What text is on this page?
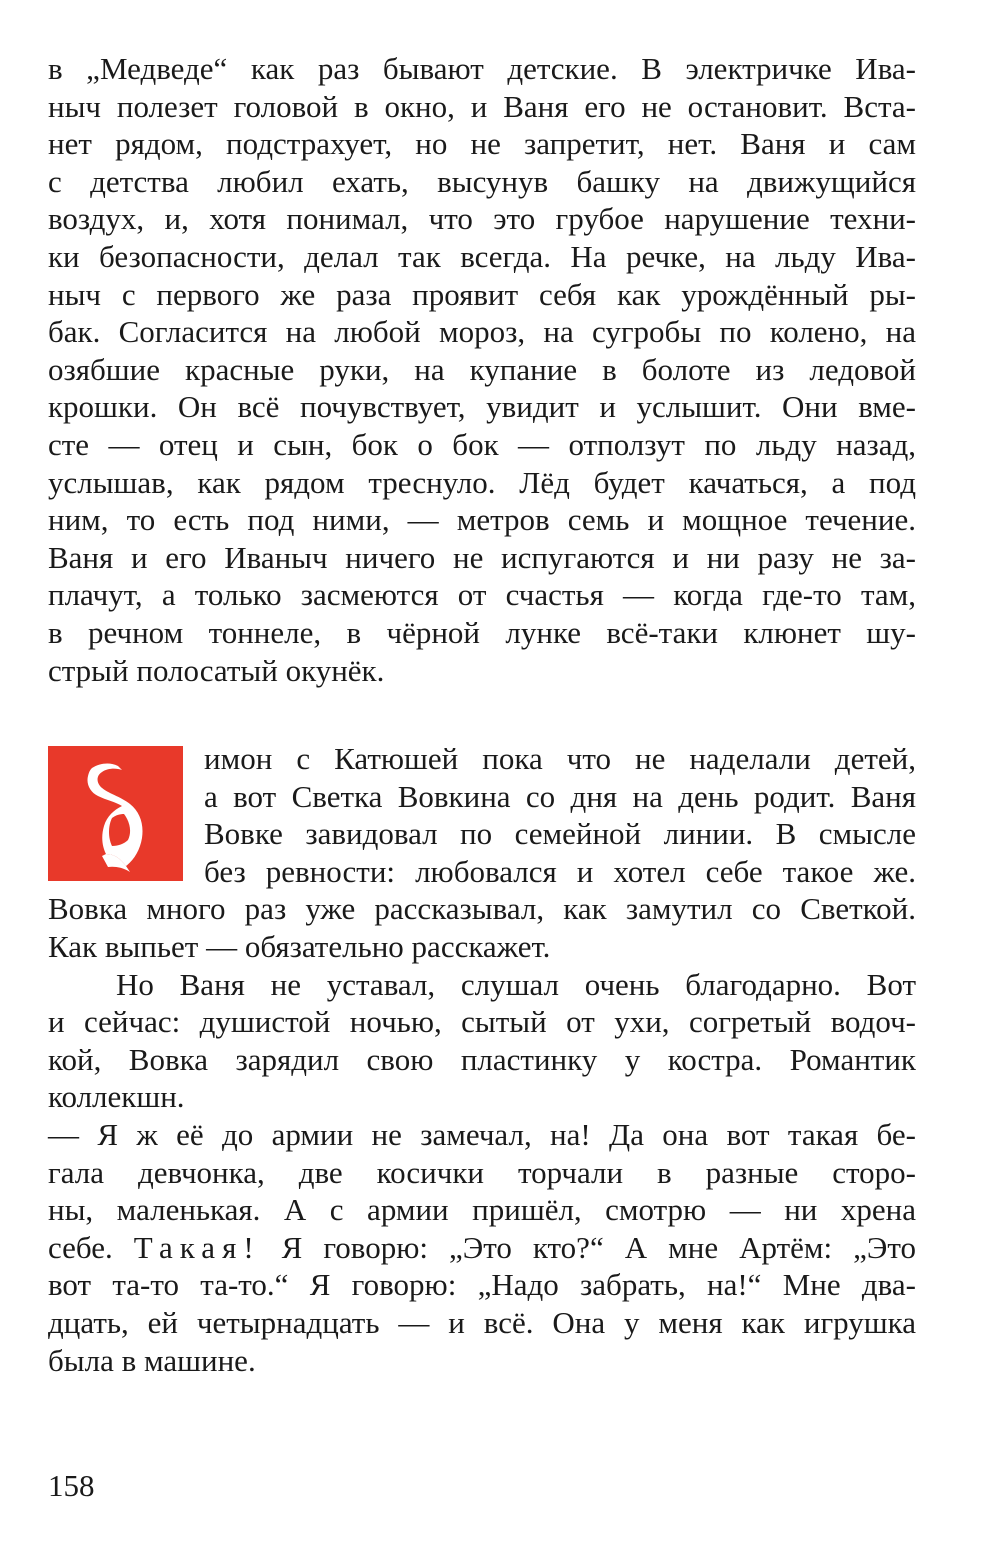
в „Медведе“ как раз бывают детские. В электричке Ива-
ныч полезет головой в окно, и Ваня его не остановит. Вста-
нет рядом, подстрахует, но не запретит, нет. Ваня и сам
с детства любил ехать, высунув башку на движущийся
воздух, и, хотя понимал, что это грубое нарушение техни-
ки безопасности, делал так всегда. На речке, на льду Ива-
ныч с первого же раза проявит себя как урождённый ры-
бак. Согласится на любой мороз, на сугробы по колено, на
озябшие красные руки, на купание в болоте из ледовой
крошки. Он всё почувствует, увидит и услышит. Они вме-
сте — отец и сын, бок о бок — отползут по льду назад,
услышав, как рядом треснуло. Лёд будет качаться, а под
ним, то есть под ними, — метров семь и мощное течение.
Ваня и его Иваныч ничего не испугаются и ни разу не за-
плачут, а только засмеются от счастья — когда где-то там,
в речном тоннеле, в чёрной лунке всё-таки клюнет шу-
стрый полосатый окунёк.

имон с Катюшей пока что не наделали детей,
а вот Светка Вовкина со дня на день родит. Ваня
Вовке завидовал по семейной линии. В смысле
без ревности: любовался и хотел себе такое же.
Вовка много раз уже рассказывал, как замутил со Светкой.
Как выпьет — обязательно расскажет.

Но Ваня не уставал, слушал очень благодарно. Вот
и сейчас: душистой ночью, сытый от ухи, согретый водоч-
кой, Вовка зарядил свою пластинку у костра. Романтик
коллекшн.

— Я ж её до армии не замечал, на! Да она вот такая бе-
гала девчонка, две косички торчали в разные сторо-
ны, маленькая. А с армии пришёл, смотрю — ни хрена
себе. Такая! Я говорю: „Это кто?“ А мне Артём: „Это
вот та-то та-то.“ Я говорю: „Надо забрать, на!“ Мне два-
дцать, ей четырнадцать — и всё. Она у меня как игрушка
была в машине.

158
